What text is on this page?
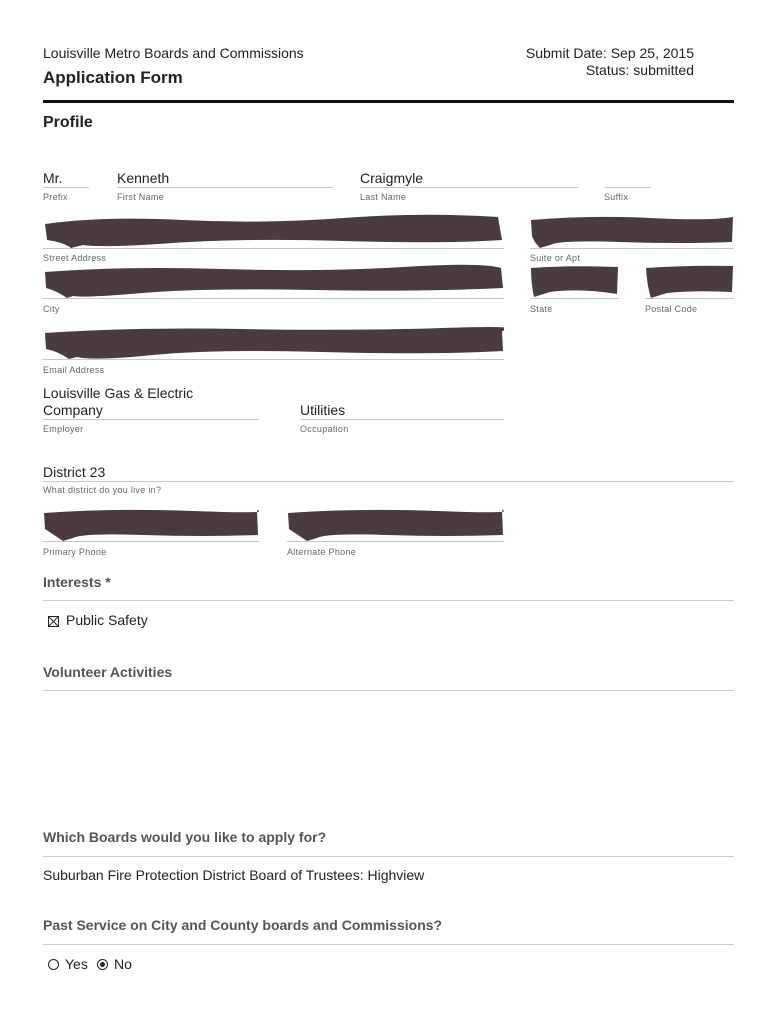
Louisville Metro Boards and Commissions
Application Form
Submit Date: Sep 25, 2015
Status: submitted
Profile
Mr.
Prefix
Kenneth
First Name
Craigmyle
Last Name	Suffix
Street Address	Suite or Apt
City	State	Postal Code
Email Address
Louisville Gas & Electric
Company
Employer
Utilities
Occupation
District 23
What district do you live in?
Primary Phone	Alternate Phone
Interests *
Public Safety
Volunteer Activities
Which Boards would you like to apply for?
Suburban Fire Protection District Board of Trustees: Highview
Past Service on City and County boards and Commissions?
Yes No
